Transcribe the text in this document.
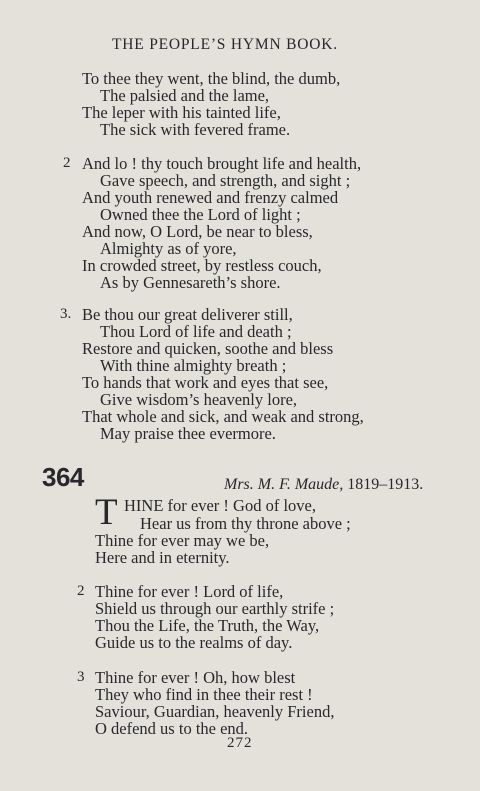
THE PEOPLE’S HYMN BOOK.
To thee they went, the blind, the dumb,
The palsied and the lame,
The leper with his tainted life,
The sick with fevered frame.
2 And lo ! thy touch brought life and health,
Gave speech, and strength, and sight ;
And youth renewed and frenzy calmed
Owned thee the Lord of light ;
And now, O Lord, be near to bless,
Almighty as of yore,
In crowded street, by restless couch,
As by Gennesareth’s shore.
3. Be thou our great deliverer still,
Thou Lord of life and death ;
Restore and quicken, soothe and bless
With thine almighty breath ;
To hands that work and eyes that see,
Give wisdom’s heavenly lore,
That whole and sick, and weak and strong,
May praise thee evermore.
364	Mrs. M. F. Maude, 1819–1913.
T HINE for ever ! God of love,
Hear us from thy throne above ;
Thine for ever may we be,
Here and in eternity.
2 Thine for ever ! Lord of life,
Shield us through our earthly strife ;
Thou the Life, the Truth, the Way,
Guide us to the realms of day.
3 Thine for ever ! Oh, how blest
They who find in thee their rest !
Saviour, Guardian, heavenly Friend,
O defend us to the end.
272
